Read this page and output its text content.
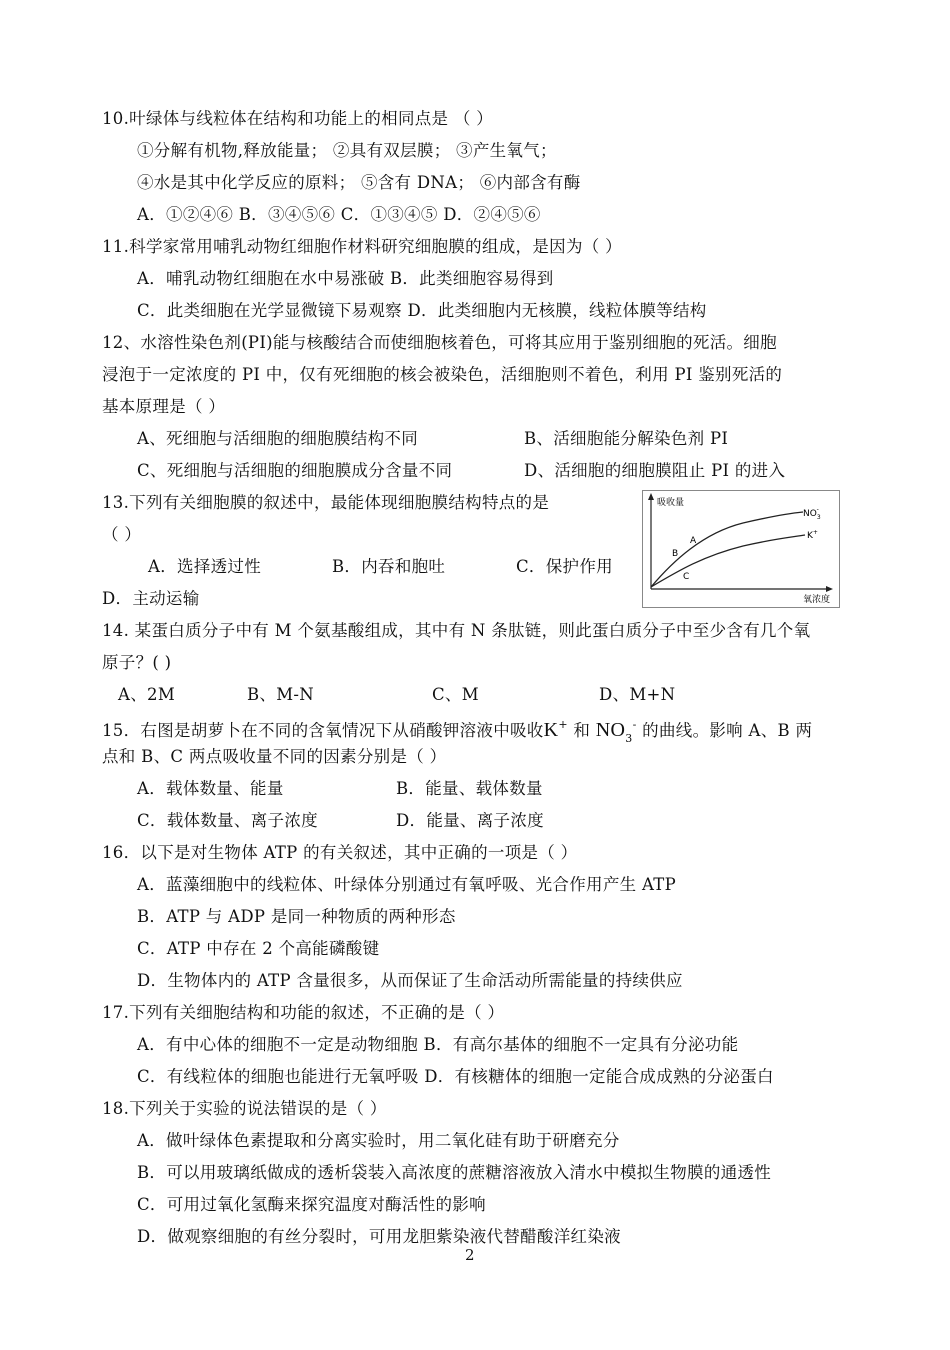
10.叶绿体与线粒体在结构和功能上的相同点是 （ ）
①分解有机物,释放能量； ②具有双层膜； ③产生氧气；
④水是其中化学反应的原料； ⑤含有 DNA； ⑥内部含有酶
A．①②④⑥ B．③④⑤⑥ C．①③④⑤ D．②④⑤⑥
11.科学家常用哺乳动物红细胞作材料研究细胞膜的组成，是因为（ ）
A．哺乳动物红细胞在水中易涨破 B．此类细胞容易得到
C．此类细胞在光学显微镜下易观察 D．此类细胞内无核膜，线粒体膜等结构
12、水溶性染色剂(PI)能与核酸结合而使细胞核着色，可将其应用于鉴别细胞的死活。细胞
浸泡于一定浓度的 PI 中，仅有死细胞的核会被染色，活细胞则不着色，利用 PI 鉴别死活的
基本原理是（ ）
A、死细胞与活细胞的细胞膜结构不同	B、活细胞能分解染色剂 PI
C、死细胞与活细胞的细胞膜成分含量不同	D、活细胞的细胞膜阻止 PI 的进入
13.下列有关细胞膜的叙述中，最能体现细胞膜结构特点的是
（ ）
A．选择透过性	B．内吞和胞吐	C．保护作用
D．主动运输
吸收量
氧浓度
$NO_3-$
K+
A
B
C
14. 某蛋白质分子中有 M 个氨基酸组成，其中有 N 条肽链，则此蛋白质分子中至少含有几个氧
原子？( )
A、2M	B、M-N	C、M	D、M+N
15．右图是胡萝卜在不同的含氧情况下从硝酸钾溶液中吸收K+ 和 $NO_3^-$ 的曲线。影响 A、B 两
点和 B、C 两点吸收量不同的因素分别是（ ）
A．载体数量、能量	B．能量、载体数量
C．载体数量、离子浓度	D．能量、离子浓度
16．以下是对生物体 ATP 的有关叙述，其中正确的一项是（ ）
A．蓝藻细胞中的线粒体、叶绿体分别通过有氧呼吸、光合作用产生 ATP
B．ATP 与 ADP 是同一种物质的两种形态
C．ATP 中存在 2 个高能磷酸键
D．生物体内的 ATP 含量很多，从而保证了生命活动所需能量的持续供应
17.下列有关细胞结构和功能的叙述，不正确的是（ ）
A．有中心体的细胞不一定是动物细胞 B．有高尔基体的细胞不一定具有分泌功能
C．有线粒体的细胞也能进行无氧呼吸 D．有核糖体的细胞一定能合成成熟的分泌蛋白
18.下列关于实验的说法错误的是（ ）
A．做叶绿体色素提取和分离实验时，用二氧化硅有助于研磨充分
B．可以用玻璃纸做成的透析袋装入高浓度的蔗糖溶液放入清水中模拟生物膜的通透性
C．可用过氧化氢酶来探究温度对酶活性的影响
D．做观察细胞的有丝分裂时，可用龙胆紫染液代替醋酸洋红染液
2
